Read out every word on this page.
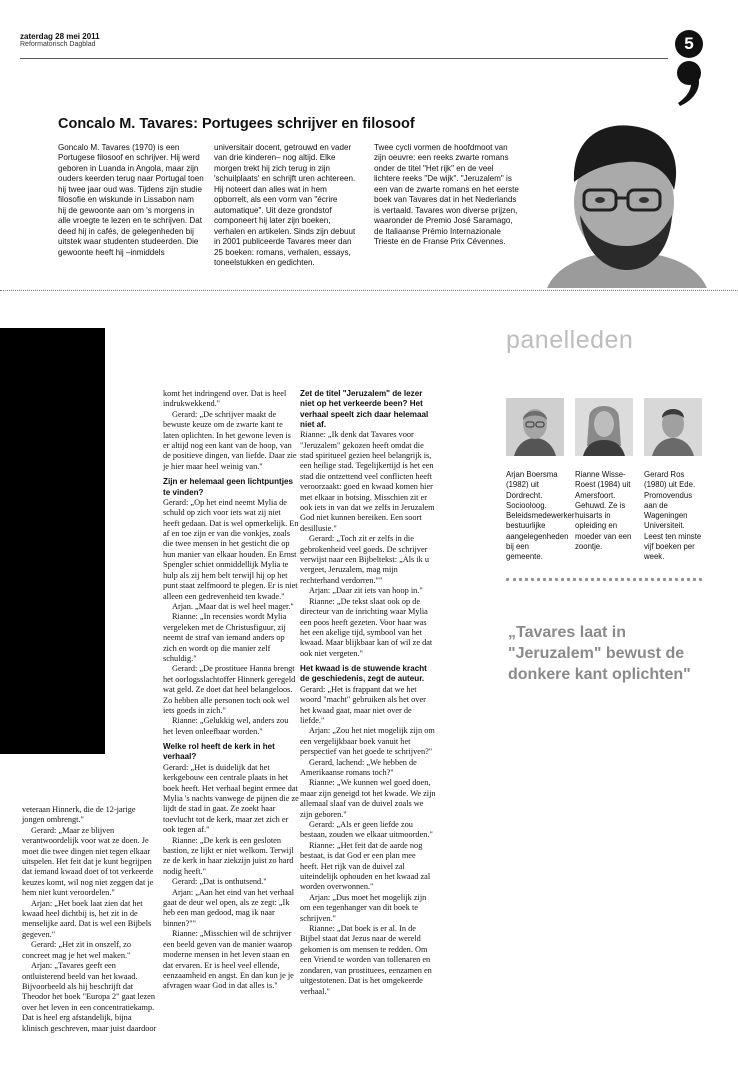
zaterdag 28 mei 2011
Reformatorisch Dagblad	5
Concalo M. Tavares: Portugees schrijver en filosoof
Goncalo M. Tavares (1970) is een Portugese filosoof en schrijver. Hij werd geboren in Luanda in Angola, maar zijn ouders keerden terug naar Portugal toen hij twee jaar oud was. Tijdens zijn studie filosofie en wiskunde in Lissabon nam hij de gewoonte aan om 's morgens in alle vroegte te lezen en te schrijven. Dat deed hij in cafés, de gelegenheden bij uitstek waar studenten studeerden. Die gewoonte heeft hij –inmiddels
universitair docent, getrouwd en vader van drie kinderen– nog altijd. Elke morgen trekt hij zich terug in zijn 'schuilplaats' en schrijft uren achtereen. Hij noteert dan alles wat in hem opborrelt, als een vorm van "écrire automatique". Uit deze grondstof componeert hij later zijn boeken, verhalen en artikelen. Sinds zijn debuut in 2001 publiceerde Tavares meer dan 25 boeken: romans, verhalen, essays, toneelstukken en gedichten.
Twee cycli vormen de hoofdmoot van zijn oeuvre: een reeks zwarte romans onder de titel "Het rijk" en de veel lichtere reeks "De wijk". "Jeruzalem" is een van de zwarte romans en het eerste boek van Tavares dat in het Nederlands is vertaald. Tavares won diverse prijzen, waaronder de Premio José Saramago, de Italiaanse Prémio Internazionale Trieste en de Franse Prix Cévennes.

komt het indringend over. Dat is heel indrukwekkend."

Gerard: „De schrijver maakt de bewuste keuze om de zwarte kant te laten oplichten. In het gewone leven is er altijd nog een kant van de hoop, van de positieve dingen, van liefde. Daar zie je hier maar heel weinig van."

Zijn er helemaal geen lichtpuntjes te vinden?

Gerard: „Op het eind neemt Mylia de schuld op zich voor iets wat zij niet heeft gedaan. Dat is wel opmerkelijk. En af en toe zijn er van die vonkjes, zoals die twee mensen in het gesticht die op hun manier van elkaar houden. En Ernst Spengler schiet onmiddellijk Mylia te hulp als zij hem belt terwijl hij op het punt staat zelfmoord te plegen. Er is niet alleen een gedrevenheid ten kwade."

Arjan. „Maar dat is wel heel mager."

Rianne: „In recensies wordt Mylia vergeleken met de Christusfiguur, zij neemt de straf van iemand anders op zich en wordt op die manier zelf schuldig."

Gerard: „De prostituee Hanna brengt het oorlogsslachtoffer Hinnerk geregeld wat geld. Ze doet dat heel belangeloos. Zo hebben alle personen toch ook wel iets goeds in zich."

Rianne: „Gelukkig wel, anders zou het leven onleefbaar worden."

Welke rol heeft de kerk in het verhaal?

Gerard: „Het is duidelijk dat het kerkgebouw een centrale plaats in het boek heeft. Het verhaal begint ermee dat Mylia 's nachts vanwege de pijnen die ze lijdt de stad in gaat. Ze zoekt haar toevlucht tot de kerk, maar zet zich er ook tegen af."

Rianne: „De kerk is een gesloten bastion, ze lijkt er niet welkom. Terwijl ze de kerk in haar ziekzijn juist zo hard nodig heeft."

Gerard: „Dat is onthutsend."

Arjan: „Aan het eind van het verhaal gaat de deur wel open, als ze zegt: „Ik heb een man gedood, mag ik naar binnen?""

Rianne: „Misschien wil de schrijver een beeld geven van de manier waarop moderne mensen in het leven staan en dat ervaren. Er is heel veel ellende, eenzaamheid en angst. En dan kun je je afvragen waar God in dat alles is."

Zet de titel "Jeruzalem" de lezer niet op het verkeerde been? Het verhaal speelt zich daar helemaal niet af.

Rianne: „Ik denk dat Tavares voor "Jeruzalem" gekozen heeft omdat die stad spiritueel gezien heel belangrijk is, een heilige stad. Tegelijkertijd is het een stad die ontzettend veel conflicten heeft veroorzaakt: goed en kwaad komen hier met elkaar in botsing. Misschien zit er ook iets in van dat we zelfs in Jeruzalem God niet kunnen bereiken. Een soort desillusie."

Gerard: „Toch zit er zelfs in die gebrokenheid veel goeds. De schrijver verwijst naar een Bijbeltekst: „Als ik u vergeet, Jeruzalem, mag mijn rechterhand verdorren.""

Arjan: „Daar zit iets van hoop in."

Rianne: „De tekst slaat ook op de directeur van de inrichting waar Mylia een poos heeft gezeten. Voor haar was het een akelige tijd, symbool van het kwaad. Maar blijkbaar kan of wil ze dat ook niet vergeten."

Het kwaad is de stuwende kracht de geschiedenis, zegt de auteur.

Gerard: „Het is frappant dat we het woord "macht" gebruiken als het over het kwaad gaat, maar niet over de liefde."

Arjan: „Zou het niet mogelijk zijn om een vergelijkbaar boek vanuit het perspectief van het goede te schrijven?"

Gerard, lachend: „We hebben de Amerikaanse romans toch?"

Rianne: „We kunnen wel goed doen, maar zijn geneigd tot het kwade. We zijn allemaal slaaf van de duivel zoals we zijn geboren."

Gerard: „Als er geen liefde zou bestaan, zouden we elkaar uitmoorden."

Rianne: „Het feit dat de aarde nog bestaat, is dat God er een plan mee heeft. Het rijk van de duivel zal uiteindelijk ophouden en het kwaad zal worden overwonnen."

Arjan: „Dus moet het mogelijk zijn om een tegenhanger van dit boek te schrijven."

Rianne: „Dat boek is er al. In de Bijbel staat dat Jezus naar de wereld gekomen is om mensen te redden. Om een Vriend te worden van tollenaren en zondaren, van prostituees, eenzamen en uitgestotenen. Dat is het omgekeerde verhaal."

veteraan Hinnerk, die de 12-jarige jongen ombrengt."

Gerard: „Maar ze blijven verantwoordelijk voor wat ze doen. Je moet die twee dingen niet tegen elkaar uitspelen. Het feit dat je kunt begrijpen dat iemand kwaad doet of tot verkeerde keuzes komt, wil nog niet zeggen dat je hem niet kunt veroordelen."

Arjan: „Het boek laat zien dat het kwaad heel dichtbij is, het zit in de menselijke aard. Dat is wel een Bijbels gegeven."

Gerard: „Het zit in onszelf, zo concreet mag je het wel maken."

Arjan: „Tavares geeft een ontluisterend beeld van het kwaad. Bijvoorbeeld als hij beschrijft dat Theodor het boek "Europa 2" gaat lezen over het leven in een concentratiekamp. Dat is heel erg afstandelijk, bijna klinisch geschreven, maar juist daardoor

panelleden
Arjan Boersma (1982) uit Dordrecht. Sociooloog. Beleidsmedewerker bestuurlijke aangelegenheden bij een gemeente.
Rianne Wisse-Roest (1984) uit Amersfoort. Gehuwd. Ze is huisarts in opleiding en moeder van een zoontje.
Gerard Ros (1980) uit Ede. Promovendus aan de Wageningen Universiteit. Leest ten minste vijf boeken per week.
„Tavares laat in "Jeruzalem" bewust de donkere kant oplichten"
